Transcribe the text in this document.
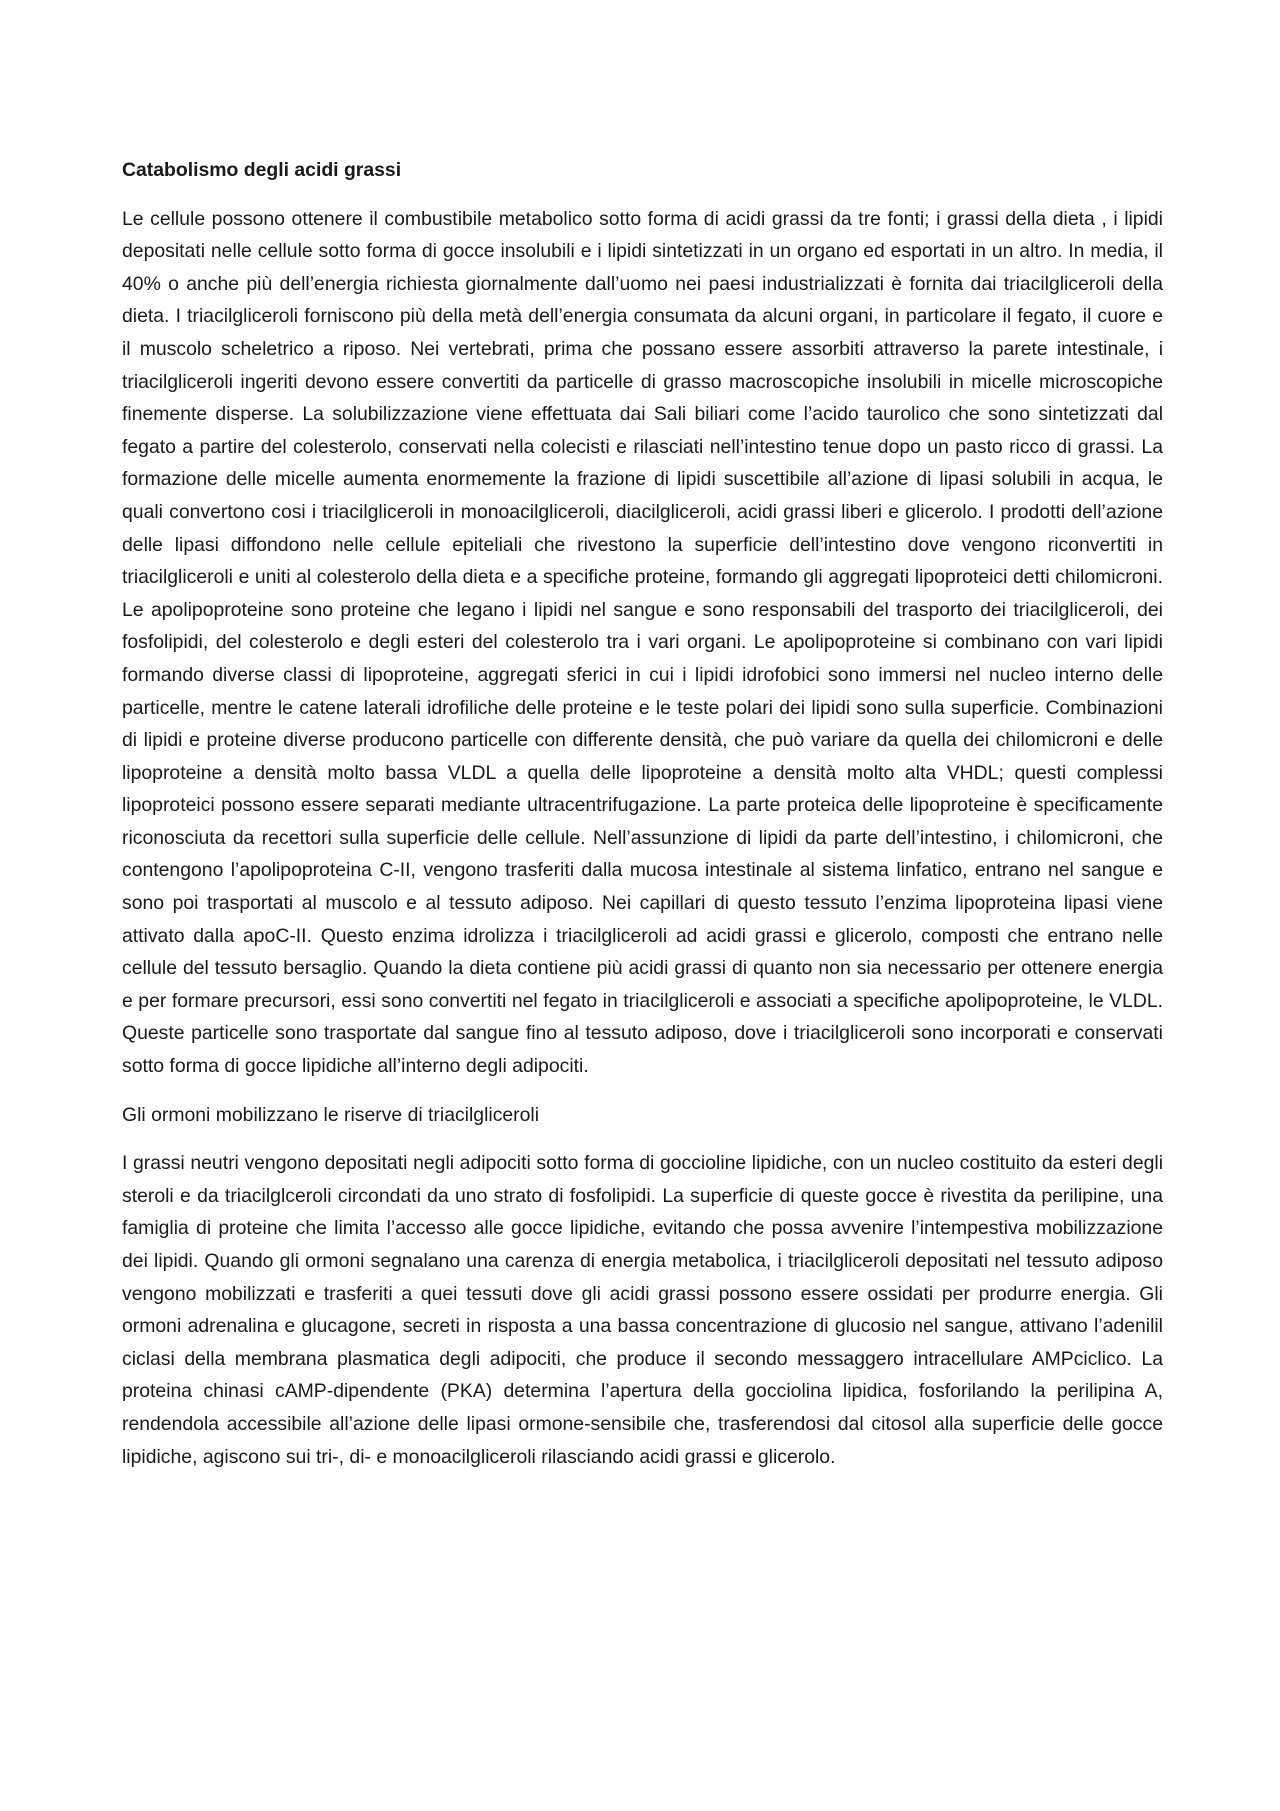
Catabolismo degli acidi grassi

Le cellule possono ottenere il combustibile metabolico sotto forma di acidi grassi da tre fonti; i grassi della dieta , i lipidi depositati nelle cellule sotto forma di gocce insolubili e i lipidi sintetizzati in un organo ed esportati in un altro. In media, il 40% o anche più dell’energia richiesta giornalmente dall’uomo nei paesi industrializzati è fornita dai triacilgliceroli della dieta. I triacilgliceroli forniscono più della metà dell’energia consumata da alcuni organi, in particolare il fegato, il cuore e il muscolo scheletrico a riposo. Nei vertebrati, prima che possano essere assorbiti attraverso la parete intestinale, i triacilgliceroli ingeriti devono essere convertiti da particelle di grasso macroscopiche insolubili in micelle microscopiche finemente disperse. La solubilizzazione viene effettuata dai Sali biliari come l’acido taurolico che sono sintetizzati dal fegato a partire del colesterolo, conservati nella colecisti e rilasciati nell’intestino tenue dopo un pasto ricco di grassi. La formazione delle micelle aumenta enormemente la frazione di lipidi suscettibile all’azione di lipasi solubili in acqua, le quali convertono cosi i triacilgliceroli in monoacilgliceroli, diacilgliceroli, acidi grassi liberi e glicerolo. I prodotti dell’azione delle lipasi diffondono nelle cellule epiteliali che rivestono la superficie dell’intestino dove vengono riconvertiti in triacilgliceroli e uniti al colesterolo della dieta e a specifiche proteine, formando gli aggregati lipoproteici detti chilomicroni. Le apolipoproteine sono proteine che legano i lipidi nel sangue e sono responsabili del trasporto dei triacilgliceroli, dei fosfolipidi, del colesterolo e degli esteri del colesterolo tra i vari organi. Le apolipoproteine si combinano con vari lipidi formando diverse classi di lipoproteine, aggregati sferici in cui i lipidi idrofobici sono immersi nel nucleo interno delle particelle, mentre le catene laterali idrofiliche delle proteine e le teste polari dei lipidi sono sulla superficie. Combinazioni di lipidi e proteine diverse producono particelle con differente densità, che può variare da quella dei chilomicroni e delle lipoproteine a densità molto bassa VLDL a quella delle lipoproteine a densità molto alta VHDL; questi complessi lipoproteici possono essere separati mediante ultracentrifugazione. La parte proteica delle lipoproteine è specificamente riconosciuta da recettori sulla superficie delle cellule. Nell’assunzione di lipidi da parte dell’intestino, i chilomicroni, che contengono l’apolipoproteina C-II, vengono trasferiti dalla mucosa intestinale al sistema linfatico, entrano nel sangue e sono poi trasportati al muscolo e al tessuto adiposo. Nei capillari di questo tessuto l’enzima lipoproteina lipasi viene attivato dalla apoC-II. Questo enzima idrolizza i triacilgliceroli ad acidi grassi e glicerolo, composti che entrano nelle cellule del tessuto bersaglio. Quando la dieta contiene più acidi grassi di quanto non sia necessario per ottenere energia e per formare precursori, essi sono convertiti nel fegato in triacilgliceroli e associati a specifiche apolipoproteine, le VLDL. Queste particelle sono trasportate dal sangue fino al tessuto adiposo, dove i triacilgliceroli sono incorporati e conservati sotto forma di gocce lipidiche all’interno degli adipociti.

Gli ormoni mobilizzano le riserve di triacilgliceroli

I grassi neutri vengono depositati negli adipociti sotto forma di goccioline lipidiche, con un nucleo costituito da esteri degli steroli e da triacilglceroli circondati da uno strato di fosfolipidi. La superficie di queste gocce è rivestita da perilipine, una famiglia di proteine che limita l’accesso alle gocce lipidiche, evitando che possa avvenire l’intempestiva mobilizzazione dei lipidi. Quando gli ormoni segnalano una carenza di energia metabolica, i triacilgliceroli depositati nel tessuto adiposo vengono mobilizzati e trasferiti a quei tessuti dove gli acidi grassi possono essere ossidati per produrre energia. Gli ormoni adrenalina e glucagone, secreti in risposta a una bassa concentrazione di glucosio nel sangue, attivano l’adenilil ciclasi della membrana plasmatica degli adipociti, che produce il secondo messaggero intracellulare AMPciclico. La proteina chinasi cAMP-dipendente (PKA) determina l’apertura della gocciolina lipidica, fosforilando la perilipina A, rendendola accessibile all’azione delle lipasi ormone-sensibile che, trasferendosi dal citosol alla superficie delle gocce lipidiche, agiscono sui tri-, di- e monoacilgliceroli rilasciando acidi grassi e glicerolo.
